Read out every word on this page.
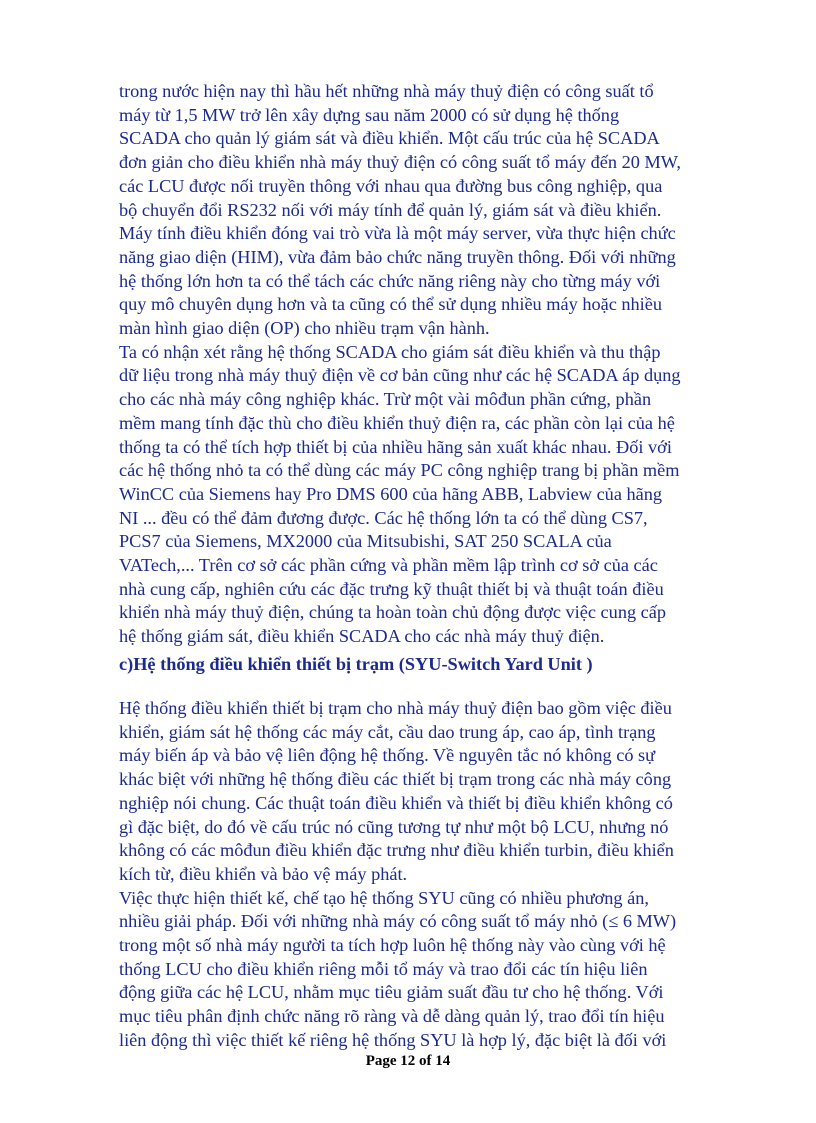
trong nước hiện nay thì hầu hết những nhà máy thuỷ điện có công suất tổ
máy từ 1,5 MW trở lên xây dựng sau năm 2000 có sử dụng hệ thống
SCADA cho quản lý giám sát và điều khiển. Một cấu trúc của hệ SCADA
đơn giản cho điều khiển nhà máy thuỷ điện có công suất tổ máy đến 20 MW,
các LCU được nối truyền thông với nhau qua đường bus công nghiệp, qua
bộ chuyển đổi RS232 nối với máy tính để quản lý, giám sát và điều khiển.
Máy tính điều khiển đóng vai trò vừa là một máy server, vừa thực hiện chức
năng giao diện (HIM), vừa đảm bảo chức năng truyền thông. Đối với những
hệ thống lớn hơn ta có thể tách các chức năng riêng này cho từng máy với
quy mô chuyên dụng hơn và ta cũng có thể sử dụng nhiều máy hoặc nhiều
màn hình giao diện (OP) cho nhiều trạm vận hành.
Ta có nhận xét rằng hệ thống SCADA cho giám sát điều khiển và thu thập
dữ liệu trong nhà máy thuỷ điện về cơ bản cũng như các hệ SCADA áp dụng
cho các nhà máy công nghiệp khác. Trừ một vài môđun phần cứng, phần
mềm mang tính đặc thù cho điều khiển thuỷ điện ra, các phần còn lại của hệ
thống ta có thể tích hợp thiết bị của nhiều hãng sản xuất khác nhau. Đối với
các hệ thống nhỏ ta có thể dùng các máy PC công nghiệp trang bị phần mềm
WinCC của Siemens hay Pro DMS 600 của hãng ABB, Labview của hãng
NI ... đều có thể đảm đương được. Các hệ thống lớn ta có thể dùng CS7,
PCS7 của Siemens, MX2000 của Mitsubishi, SAT 250 SCALA của
VATech,... Trên cơ sở các phần cứng và phần mềm lập trình cơ sở của các
nhà cung cấp, nghiên cứu các đặc trưng kỹ thuật thiết bị và thuật toán điều
khiển nhà máy thuỷ điện, chúng ta hoàn toàn chủ động được việc cung cấp
hệ thống giám sát, điều khiển SCADA cho các nhà máy thuỷ điện.

c)Hệ thống điều khiển thiết bị trạm (SYU-Switch Yard Unit )

Hệ thống điều khiển thiết bị trạm cho nhà máy thuỷ điện bao gồm việc điều
khiển, giám sát hệ thống các máy cắt, cầu dao trung áp, cao áp, tình trạng
máy biến áp và bảo vệ liên động hệ thống. Về nguyên tắc nó không có sự
khác biệt với những hệ thống điều các thiết bị trạm trong các nhà máy công
nghiệp nói chung. Các thuật toán điều khiển và thiết bị điều khiển không có
gì đặc biệt, do đó về cấu trúc nó cũng tương tự như một bộ LCU, nhưng nó
không có các môđun điều khiển đặc trưng như điều khiển turbin, điều khiển
kích từ, điều khiển và bảo vệ máy phát.
Việc thực hiện thiết kế, chế tạo hệ thống SYU cũng có nhiều phương án,
nhiều giải pháp. Đối với những nhà máy có công suất tổ máy nhỏ (≤ 6 MW)
trong một số nhà máy người ta tích hợp luôn hệ thống này vào cùng với hệ
thống LCU cho điều khiển riêng mỗi tổ máy và trao đổi các tín hiệu liên
động giữa các hệ LCU, nhằm mục tiêu giảm suất đầu tư cho hệ thống. Với
mục tiêu phân định chức năng rõ ràng và dễ dàng quản lý, trao đổi tín hiệu
liên động thì việc thiết kế riêng hệ thống SYU là hợp lý, đặc biệt là đối với

Page 12 of 14
